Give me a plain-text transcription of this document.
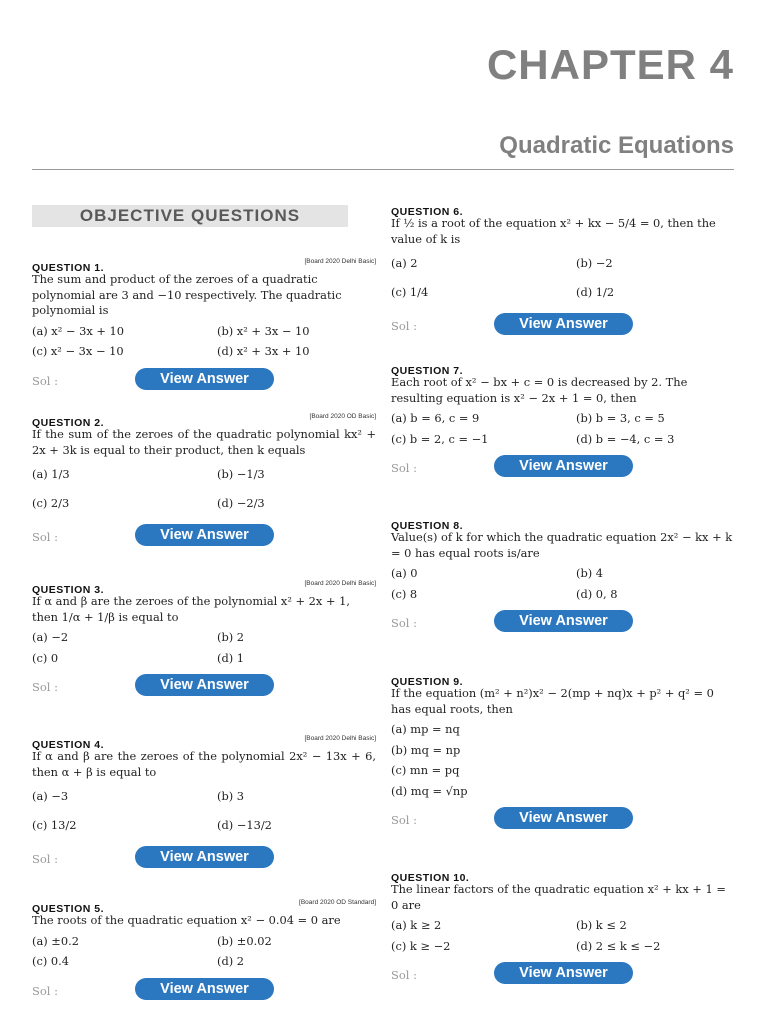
CHAPTER 4
Quadratic Equations
OBJECTIVE QUESTIONS
QUESTION 1.
[Board 2020 Delhi Basic]
The sum and product of the zeroes of a quadratic polynomial are 3 and −10 respectively. The quadratic polynomial is
(a) x² − 3x + 10	(b) x² + 3x − 10
(c) x² − 3x − 10	(d) x² + 3x + 10
Sol :	View Answer
QUESTION 2.
[Board 2020 OD Basic]
If the sum of the zeroes of the quadratic polynomial kx² + 2x + 3k is equal to their product, then k equals
(a) 1/3	(b) −1/3
(c) 2/3	(d) −2/3
Sol :	View Answer
QUESTION 3.
[Board 2020 Delhi Basic]
If α and β are the zeroes of the polynomial x² + 2x + 1, then 1/α + 1/β is equal to
(a) −2	(b) 2
(c) 0	(d) 1
Sol :	View Answer
QUESTION 4.
[Board 2020 Delhi Basic]
If α and β are the zeroes of the polynomial 2x² − 13x + 6, then α + β is equal to
(a) −3	(b) 3
(c) 13/2	(d) −13/2
Sol :	View Answer
QUESTION 5.
[Board 2020 OD Standard]
The roots of the quadratic equation x² − 0.04 = 0 are
(a) ±0.2	(b) ±0.02
(c) 0.4	(d) 2
Sol :	View Answer
QUESTION 6.
If ½ is a root of the equation x² + kx − 5/4 = 0, then the value of k is
(a) 2	(b) −2
(c) 1/4	(d) 1/2
Sol :	View Answer
QUESTION 7.
Each root of x² − bx + c = 0 is decreased by 2. The resulting equation is x² − 2x + 1 = 0, then
(a) b = 6, c = 9	(b) b = 3, c = 5
(c) b = 2, c = −1	(d) b = −4, c = 3
Sol :	View Answer
QUESTION 8.
Value(s) of k for which the quadratic equation 2x² − kx + k = 0 has equal roots is/are
(a) 0	(b) 4
(c) 8	(d) 0, 8
Sol :	View Answer
QUESTION 9.
If the equation (m² + n²)x² − 2(mp + nq)x + p² + q² = 0 has equal roots, then
(a) mp = nq
(b) mq = np
(c) mn = pq
(d) mq = √np
Sol :	View Answer
QUESTION 10.
The linear factors of the quadratic equation x² + kx + 1 = 0 are
(a) k ≥ 2	(b) k ≤ 2
(c) k ≥ −2	(d) 2 ≤ k ≤ −2
Sol :	View Answer
